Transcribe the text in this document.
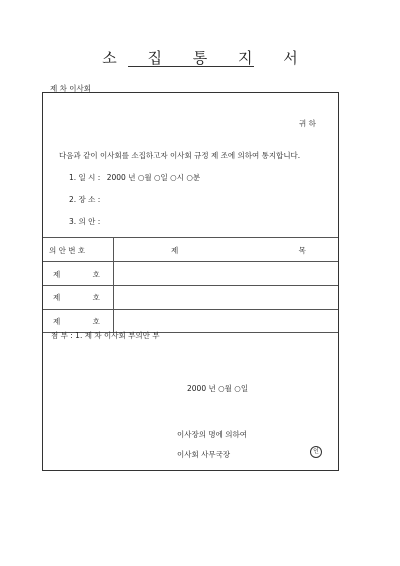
소 집 통 지 서
제 차 이사회
귀 하
다음과 같이 이사회를 소집하고자 이사회 규정 제 조에 의하여 통지합니다.
1. 일 시 : 2000 년 ○월 ○일 ○시 ○분
2. 장 소 :
3. 의 안 :
의 안 번 호	제 목
제 호
제 호
제 호
첨 부 : 1. 제 차 이사회 부의안 부
2000 년 ○월 ○일
이사장의 명에 의하여
이사회 사무국장	인
